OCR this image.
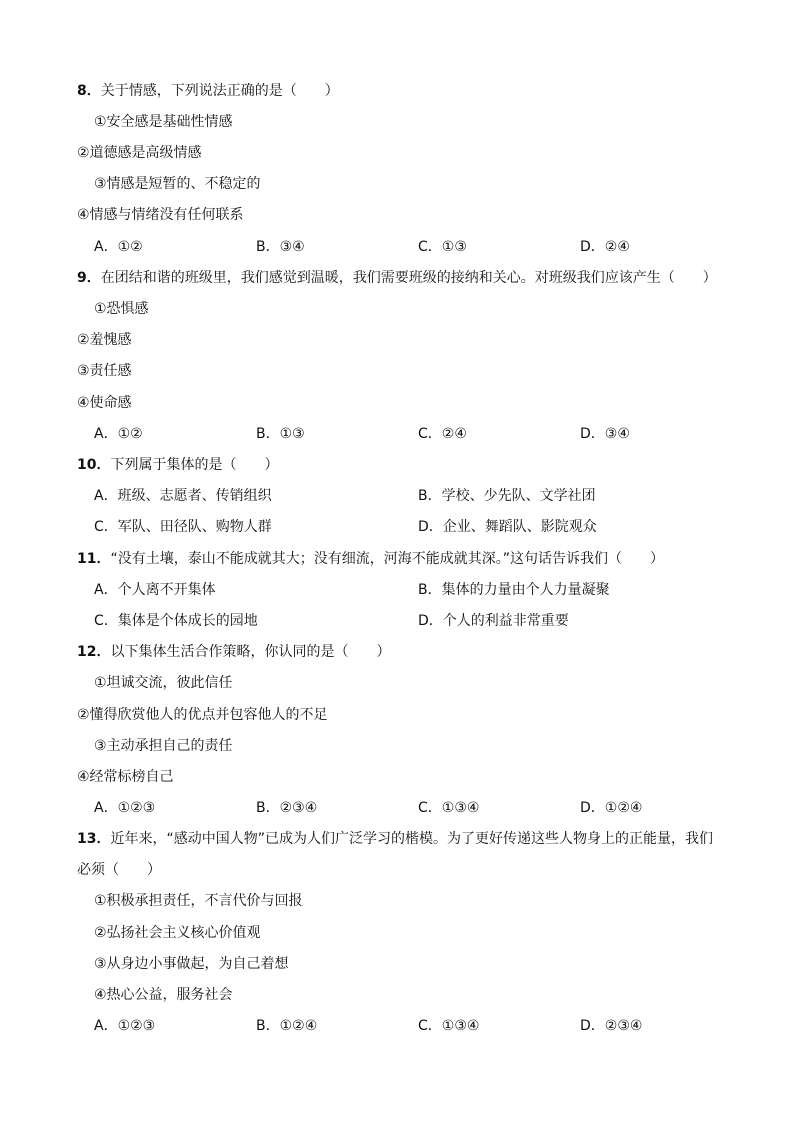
8．关于情感，下列说法正确的是（　　）
①安全感是基础性情感
②道德感是高级情感
③情感是短暂的、不稳定的
④情感与情绪没有任何联系
A．①②	B．③④	C．①③	D．②④
9．在团结和谐的班级里，我们感觉到温暖，我们需要班级的接纳和关心。对班级我们应该产生（　　）
①恐惧感
②羞愧感
③责任感
④使命感
A．①②	B．①③	C．②④	D．③④
10．下列属于集体的是（　　）
A．班级、志愿者、传销组织	B．学校、少先队、文学社团
C．军队、田径队、购物人群	D．企业、舞蹈队、影院观众
11．“没有土壤，泰山不能成就其大；没有细流，河海不能成就其深。”这句话告诉我们（　　）
A．个人离不开集体	B．集体的力量由个人力量凝聚
C．集体是个体成长的园地	D．个人的利益非常重要
12．以下集体生活合作策略，你认同的是（　　）
①坦诚交流，彼此信任
②懂得欣赏他人的优点并包容他人的不足
③主动承担自己的责任
④经常标榜自己
A．①②③	B．②③④	C．①③④	D．①②④
13．近年来，“感动中国人物”已成为人们广泛学习的楷模。为了更好传递这些人物身上的正能量，我们
必须（　　）
①积极承担责任，不言代价与回报
②弘扬社会主义核心价值观
③从身边小事做起，为自己着想
④热心公益，服务社会
A．①②③	B．①②④	C．①③④	D．②③④
